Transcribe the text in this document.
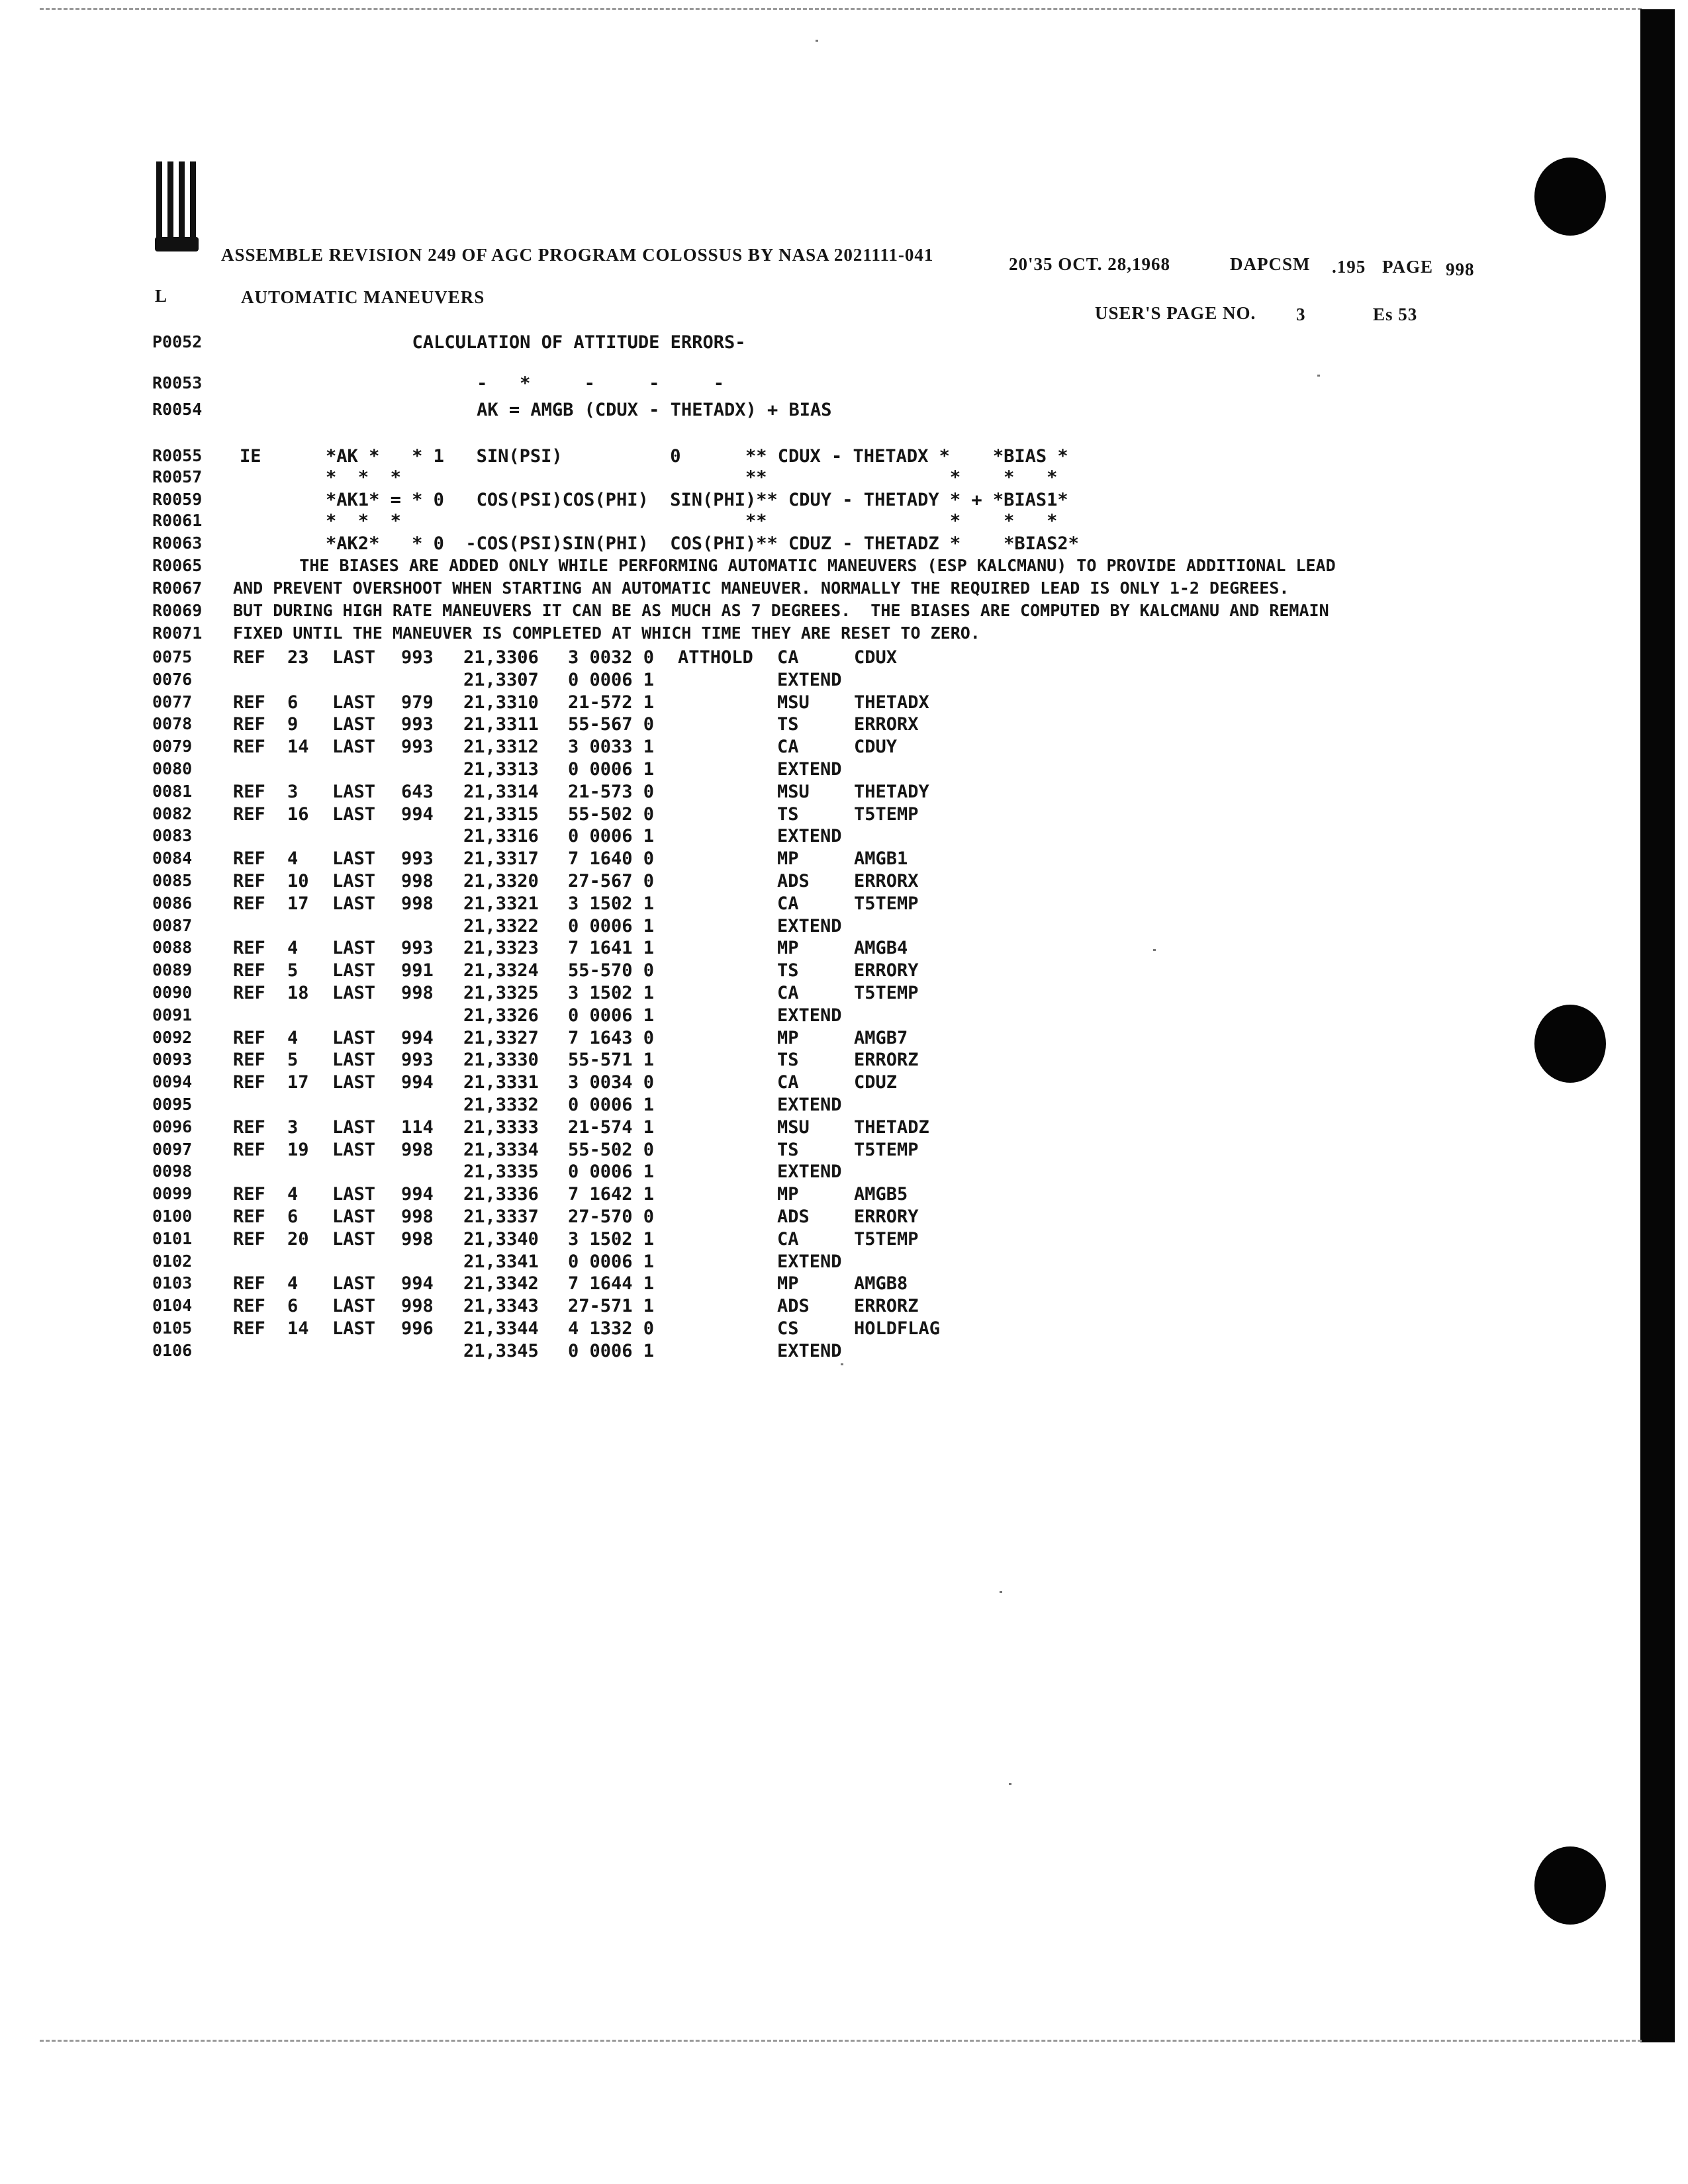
ASSEMBLE REVISION 249 OF AGC PROGRAM COLOSSUS BY NASA 2021111-041	20'35 OCT. 28,1968	DAPCSM .195 PAGE 998
L	AUTOMATIC MANEUVERS
USER'S PAGE NO. 3	Es 53
P0052	CALCULATION OF ATTITUDE ERRORS-
R0053	-   *     -     -     -
R0054	AK = AMGB (CDUX - THETADX) + BIAS
R0055 IE      *AK *   * 1   SIN(PSI)          0      ** CDUX - THETADX *    *BIAS *
R0057 *  *  *                                **                 *    *   *
R0059 *AK1* = * 0   COS(PSI)COS(PHI)  SIN(PHI)** CDUY - THETADY * + *BIAS1*
R0061 *  *  *                                **                 *    *   *
R0063 *AK2*   * 0  -COS(PSI)SIN(PHI)  COS(PHI)** CDUZ - THETADZ *    *BIAS2*
R0065 THE BIASES ARE ADDED ONLY WHILE PERFORMING AUTOMATIC MANEUVERS (ESP KALCMANU) TO PROVIDE ADDITIONAL LEAD
R0067 AND PREVENT OVERSHOOT WHEN STARTING AN AUTOMATIC MANEUVER. NORMALLY THE REQUIRED LEAD IS ONLY 1-2 DEGREES.
R0069 BUT DURING HIGH RATE MANEUVERS IT CAN BE AS MUCH AS 7 DEGREES.  THE BIASES ARE COMPUTED BY KALCMANU AND REMAIN
R0071 FIXED UNTIL THE MANEUVER IS COMPLETED AT WHICH TIME THEY ARE RESET TO ZERO.
0075 REF 23 LAST 993 21,3306 3 0032 0 ATTHOLD CA	CDUX
0076	21,3307 0 0006 1	EXTEND
0077 REF 6 LAST 979 21,3310 21-572 1	MSU THETADX
0078 REF 9 LAST 993 21,3311 55-567 0	TS	ERRORX
0079 REF 14 LAST 993 21,3312 3 0033 1	CA	CDUY
0080	21,3313 0 0006 1	EXTEND
0081 REF 3 LAST 643 21,3314 21-573 0	MSU THETADY
0082 REF 16 LAST 994 21,3315 55-502 0	TS	T5TEMP
0083	21,3316 0 0006 1	EXTEND
0084 REF 4 LAST 993 21,3317 7 1640 0	MP	AMGB1
0085 REF 10 LAST 998 21,3320 27-567 0	ADS ERRORX
0086 REF 17 LAST 998 21,3321 3 1502 1	CA	T5TEMP
0087	21,3322 0 0006 1	EXTEND
0088 REF 4 LAST 993 21,3323 7 1641 1	MP	AMGB4
0089 REF 5 LAST 991 21,3324 55-570 0	TS	ERRORY
0090 REF 18 LAST 998 21,3325 3 1502 1	CA	T5TEMP
0091	21,3326 0 0006 1	EXTEND
0092 REF 4 LAST 994 21,3327 7 1643 0	MP	AMGB7
0093 REF 5 LAST 993 21,3330 55-571 1	TS	ERRORZ
0094 REF 17 LAST 994 21,3331 3 0034 0	CA	CDUZ
0095	21,3332 0 0006 1	EXTEND
0096 REF 3 LAST 114 21,3333 21-574 1	MSU THETADZ
0097 REF 19 LAST 998 21,3334 55-502 0	TS	T5TEMP
0098	21,3335 0 0006 1	EXTEND
0099 REF 4 LAST 994 21,3336 7 1642 1	MP	AMGB5
0100 REF 6 LAST 998 21,3337 27-570 0	ADS ERRORY
0101 REF 20 LAST 998 21,3340 3 1502 1	CA	T5TEMP
0102	21,3341 0 0006 1	EXTEND
0103 REF 4 LAST 994 21,3342 7 1644 1	MP	AMGB8
0104 REF 6 LAST 998 21,3343 27-571 1	ADS ERRORZ
0105 REF 14 LAST 996 21,3344 4 1332 0	CS	HOLDFLAG
0106	21,3345 0 0006 1	EXTEND
